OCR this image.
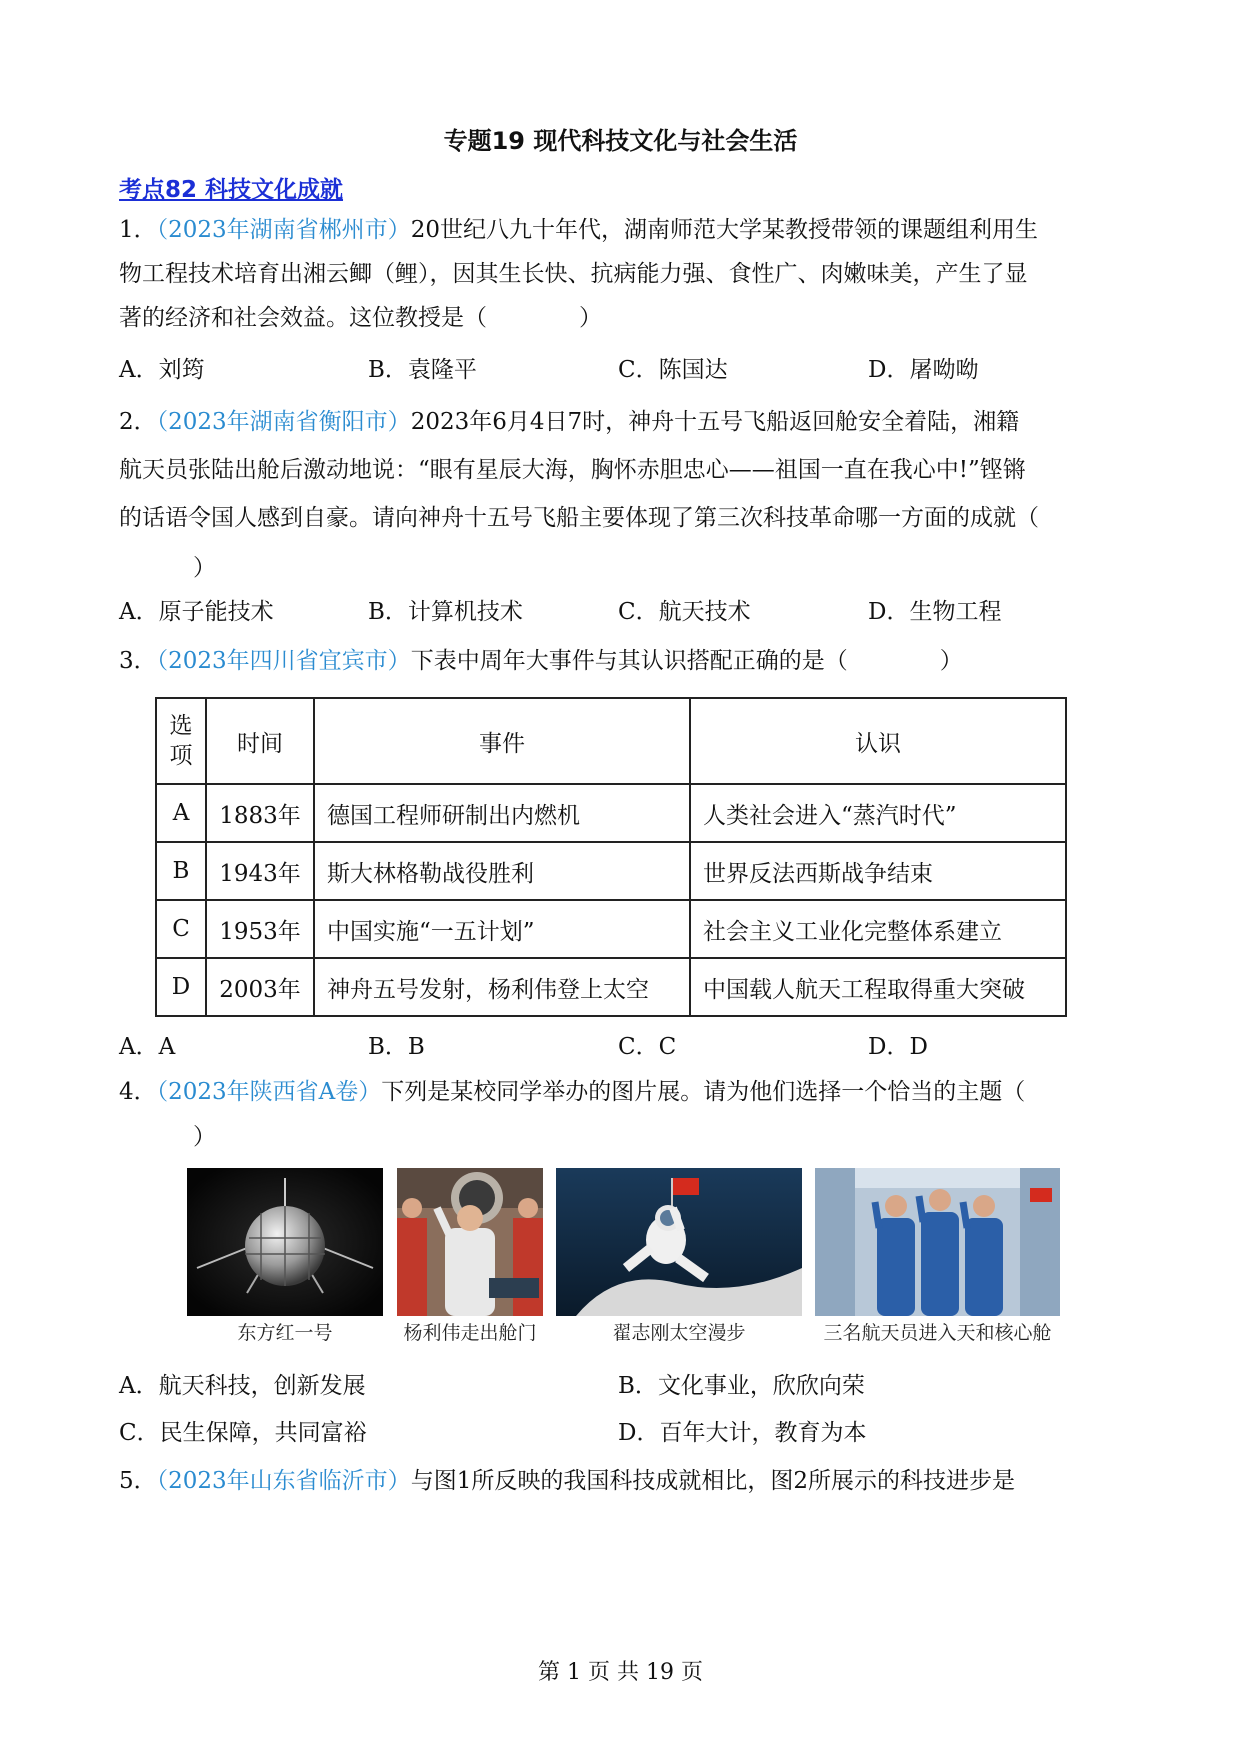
专题19 现代科技文化与社会生活
考点82 科技文化成就
1．（2023年湖南省郴州市）20世纪八九十年代，湖南师范大学某教授带领的课题组利用生
物工程技术培育出湘云鲫（鲤），因其生长快、抗病能力强、食性广、肉嫩味美，产生了显
著的经济和社会效益。这位教授是（　　　　）
A．刘筠	B．袁隆平	C．陈国达	D．屠呦呦
2．（2023年湖南省衡阳市）2023年6月4日7时，神舟十五号飞船返回舱安全着陆，湘籍
航天员张陆出舱后激动地说：“眼有星辰大海，胸怀赤胆忠心——祖国一直在我心中!”铿锵
的话语令国人感到自豪。请向神舟十五号飞船主要体现了第三次科技革命哪一方面的成就（
）
A．原子能技术	B．计算机技术	C．航天技术	D．生物工程
3．（2023年四川省宜宾市）下表中周年大事件与其认识搭配正确的是（　　　　）
选项	时间	事件	认识
A	1883年	德国工程师研制出内燃机	人类社会进入“蒸汽时代”
B	1943年	斯大林格勒战役胜利	世界反法西斯战争结束
C	1953年	中国实施“一五计划”	社会主义工业化完整体系建立
D	2003年	神舟五号发射，杨利伟登上太空	中国载人航天工程取得重大突破
A．A	B．B	C．C	D．D
4．（2023年陕西省A卷）下列是某校同学举办的图片展。请为他们选择一个恰当的主题（
）
东方红一号	杨利伟走出舱门	翟志刚太空漫步	三名航天员进入天和核心舱
A．航天科技，创新发展	B．文化事业，欣欣向荣
C．民生保障，共同富裕	D．百年大计，教育为本
5．（2023年山东省临沂市）与图1所反映的我国科技成就相比，图2所展示的科技进步是
第 1 页 共 19 页
